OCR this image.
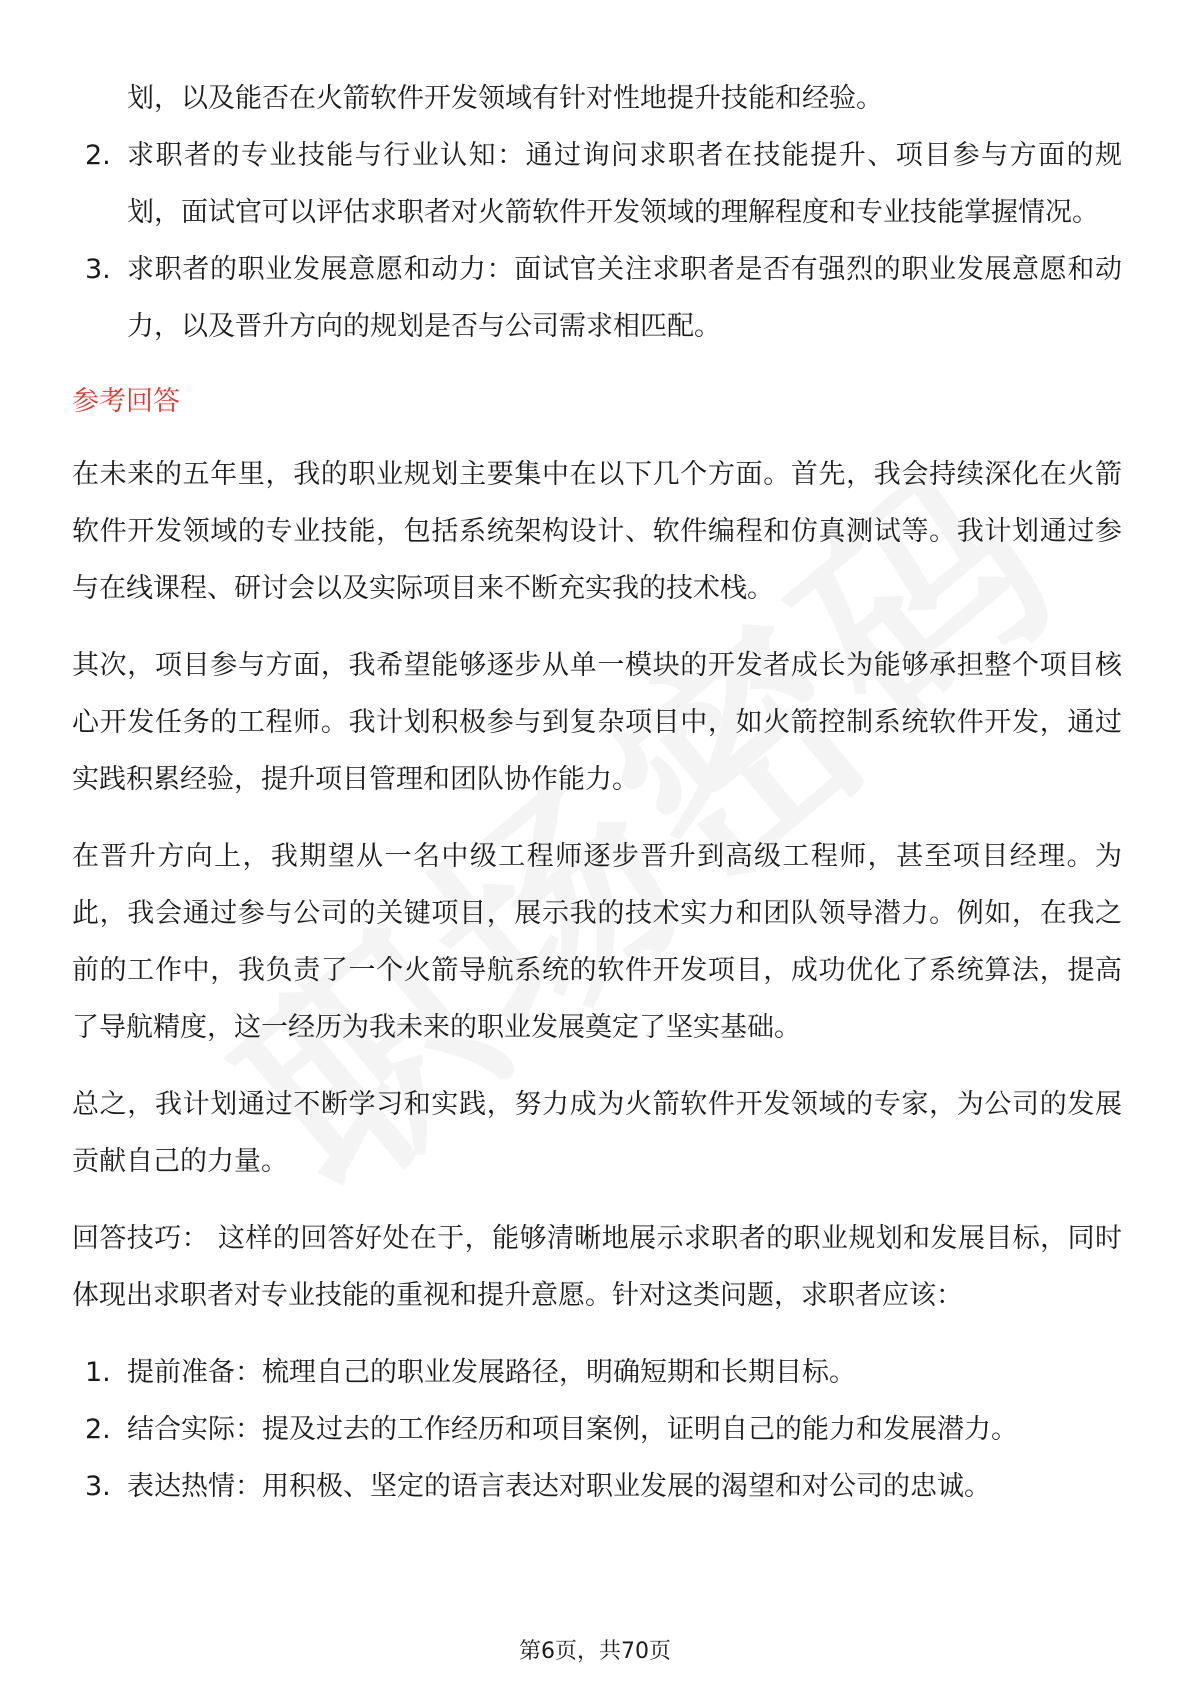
划，以及能否在火箭软件开发领域有针对性地提升技能和经验。
2. 求职者的专业技能与行业认知：通过询问求职者在技能提升、项目参与方面的规划，面试官可以评估求职者对火箭软件开发领域的理解程度和专业技能掌握情况。
3. 求职者的职业发展意愿和动力：面试官关注求职者是否有强烈的职业发展意愿和动力，以及晋升方向的规划是否与公司需求相匹配。
参考回答

在未来的五年里，我的职业规划主要集中在以下几个方面。首先，我会持续深化在火箭软件开发领域的专业技能，包括系统架构设计、软件编程和仿真测试等。我计划通过参与在线课程、研讨会以及实际项目来不断充实我的技术栈。

其次，项目参与方面，我希望能够逐步从单一模块的开发者成长为能够承担整个项目核心开发任务的工程师。我计划积极参与到复杂项目中，如火箭控制系统软件开发，通过实践积累经验，提升项目管理和团队协作能力。

在晋升方向上，我期望从一名中级工程师逐步晋升到高级工程师，甚至项目经理。为此，我会通过参与公司的关键项目，展示我的技术实力和团队领导潜力。例如，在我之前的工作中，我负责了一个火箭导航系统的软件开发项目，成功优化了系统算法，提高了导航精度，这一经历为我未来的职业发展奠定了坚实基础。

总之，我计划通过不断学习和实践，努力成为火箭软件开发领域的专家，为公司的发展贡献自己的力量。

回答技巧： 这样的回答好处在于，能够清晰地展示求职者的职业规划和发展目标，同时体现出求职者对专业技能的重视和提升意愿。针对这类问题，求职者应该：

1. 提前准备：梳理自己的职业发展路径，明确短期和长期目标。
2. 结合实际：提及过去的工作经历和项目案例，证明自己的能力和发展潜力。
3. 表达热情：用积极、坚定的语言表达对职业发展的渴望和对公司的忠诚。
第6页，共70页
